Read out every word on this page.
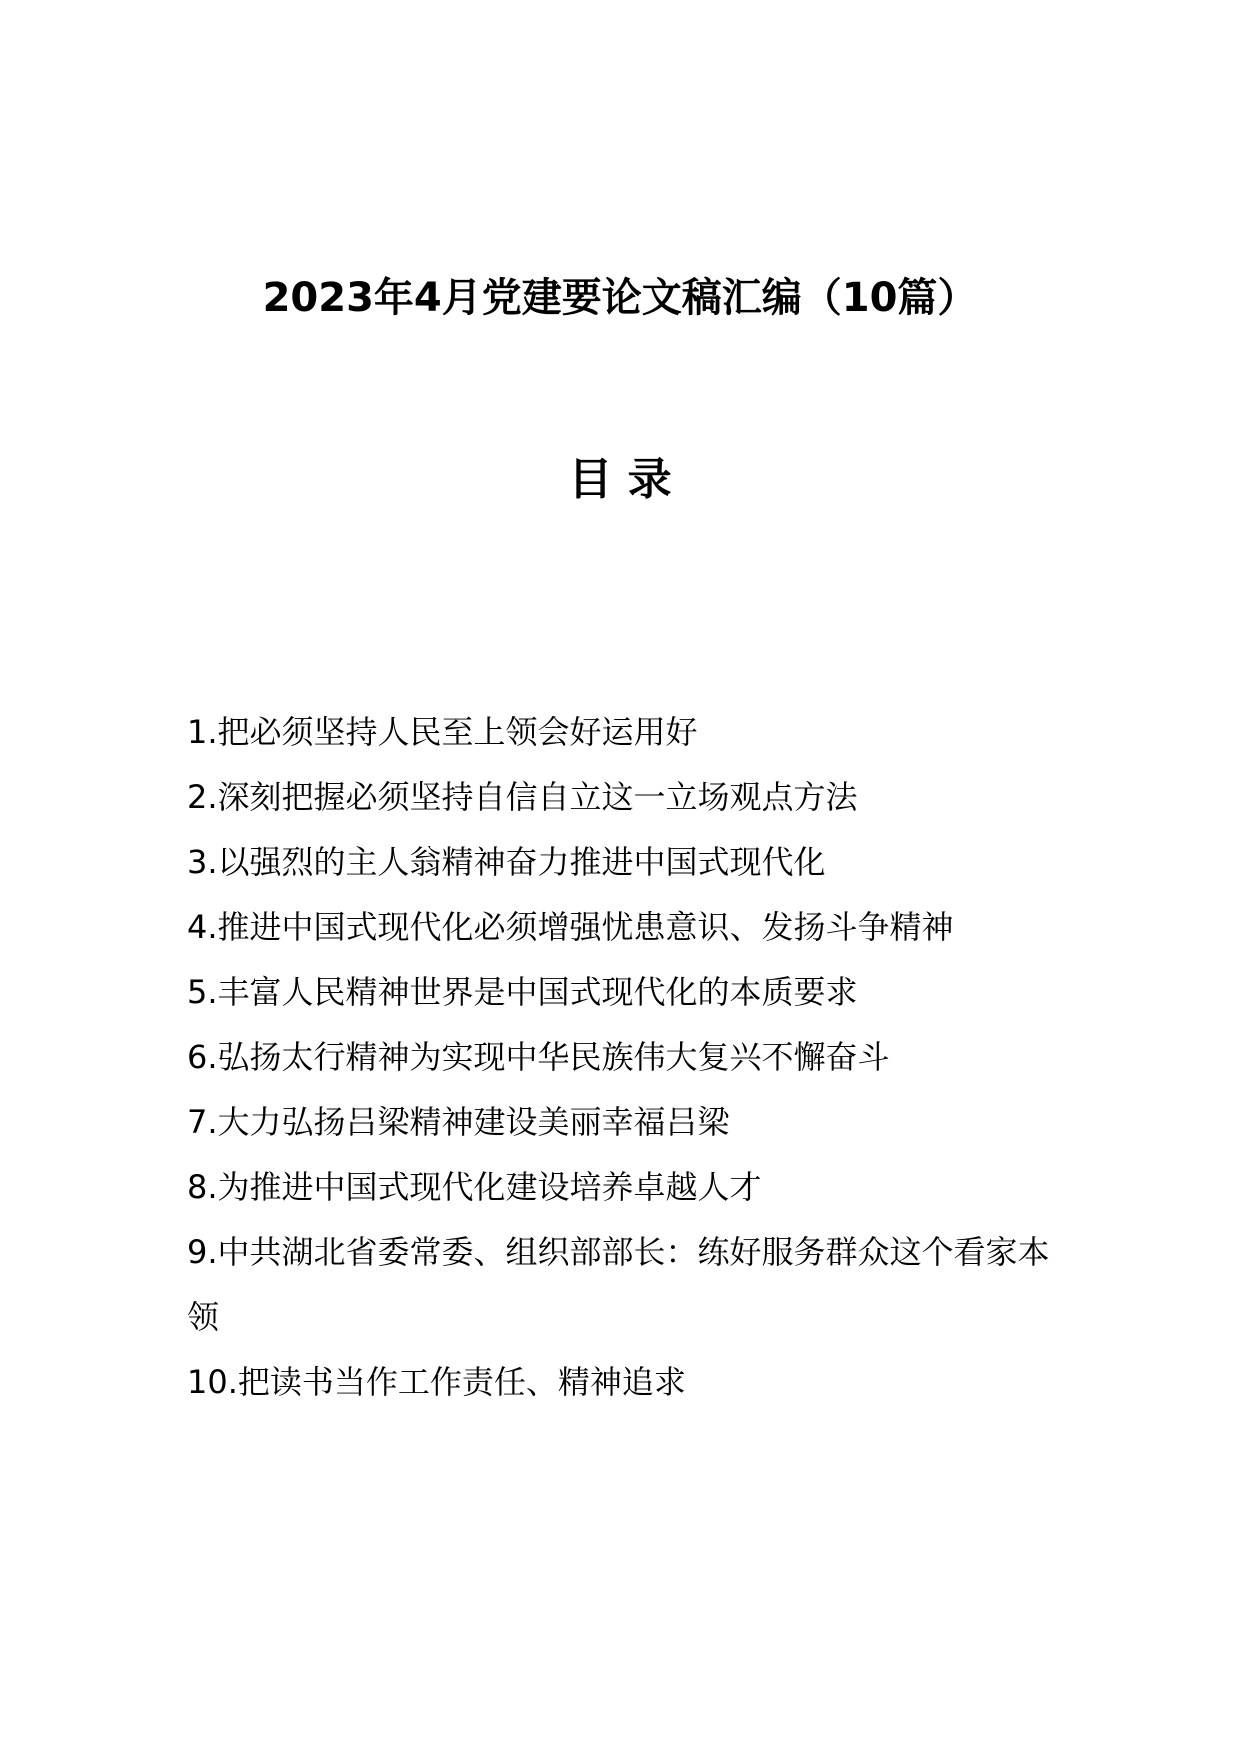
2023年4月党建要论文稿汇编（10篇）
目 录
1.把必须坚持人民至上领会好运用好
2.深刻把握必须坚持自信自立这一立场观点方法
3.以强烈的主人翁精神奋力推进中国式现代化
4.推进中国式现代化必须增强忧患意识、发扬斗争精神
5.丰富人民精神世界是中国式现代化的本质要求
6.弘扬太行精神为实现中华民族伟大复兴不懈奋斗
7.大力弘扬吕梁精神建设美丽幸福吕梁
8.为推进中国式现代化建设培养卓越人才
9.中共湖北省委常委、组织部部长：练好服务群众这个看家本领
10.把读书当作工作责任、精神追求
